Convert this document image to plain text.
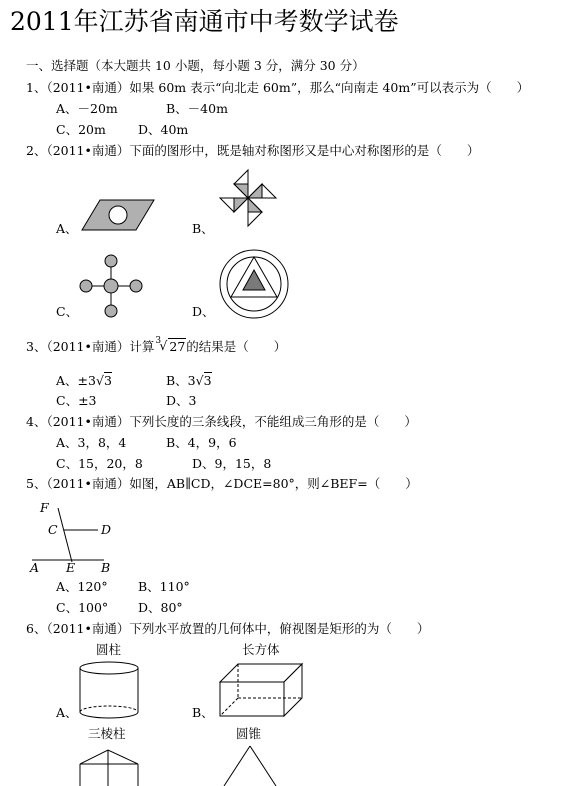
2011年江苏省南通市中考数学试卷
一、选择题（本大题共 10 小题，每小题 3 分，满分 30 分）
1、（2011•南通）如果 60m 表示“向北走 60m”，那么“向南走 40m”可以表示为（　　）
A、－20m	B、－40m
C、20m	D、40m
2、（2011•南通）下面的图形中，既是轴对称图形又是中心对称图形的是（　　）
A、	B、
C、	D、
3、（2011•南通）计算 3
√ 27的结果是（　　）
A、±3√3	B、3√3
C、±3	D、3
4、（2011•南通）下列长度的三条线段，不能组成三角形的是（　　）
A、3，8，4	B、4，9，6
C、15，20，8	D、9，15，8
5、（2011•南通）如图，AB∥CD，∠DCE=80°，则∠BEF=（　　）
F
C	D
A E B
A、120° B、110°
C、100° D、80°
6、（2011•南通）下列水平放置的几何体中，俯视图是矩形的为（　　）
圆柱	长方体
A、	B、
三棱柱	圆锥
